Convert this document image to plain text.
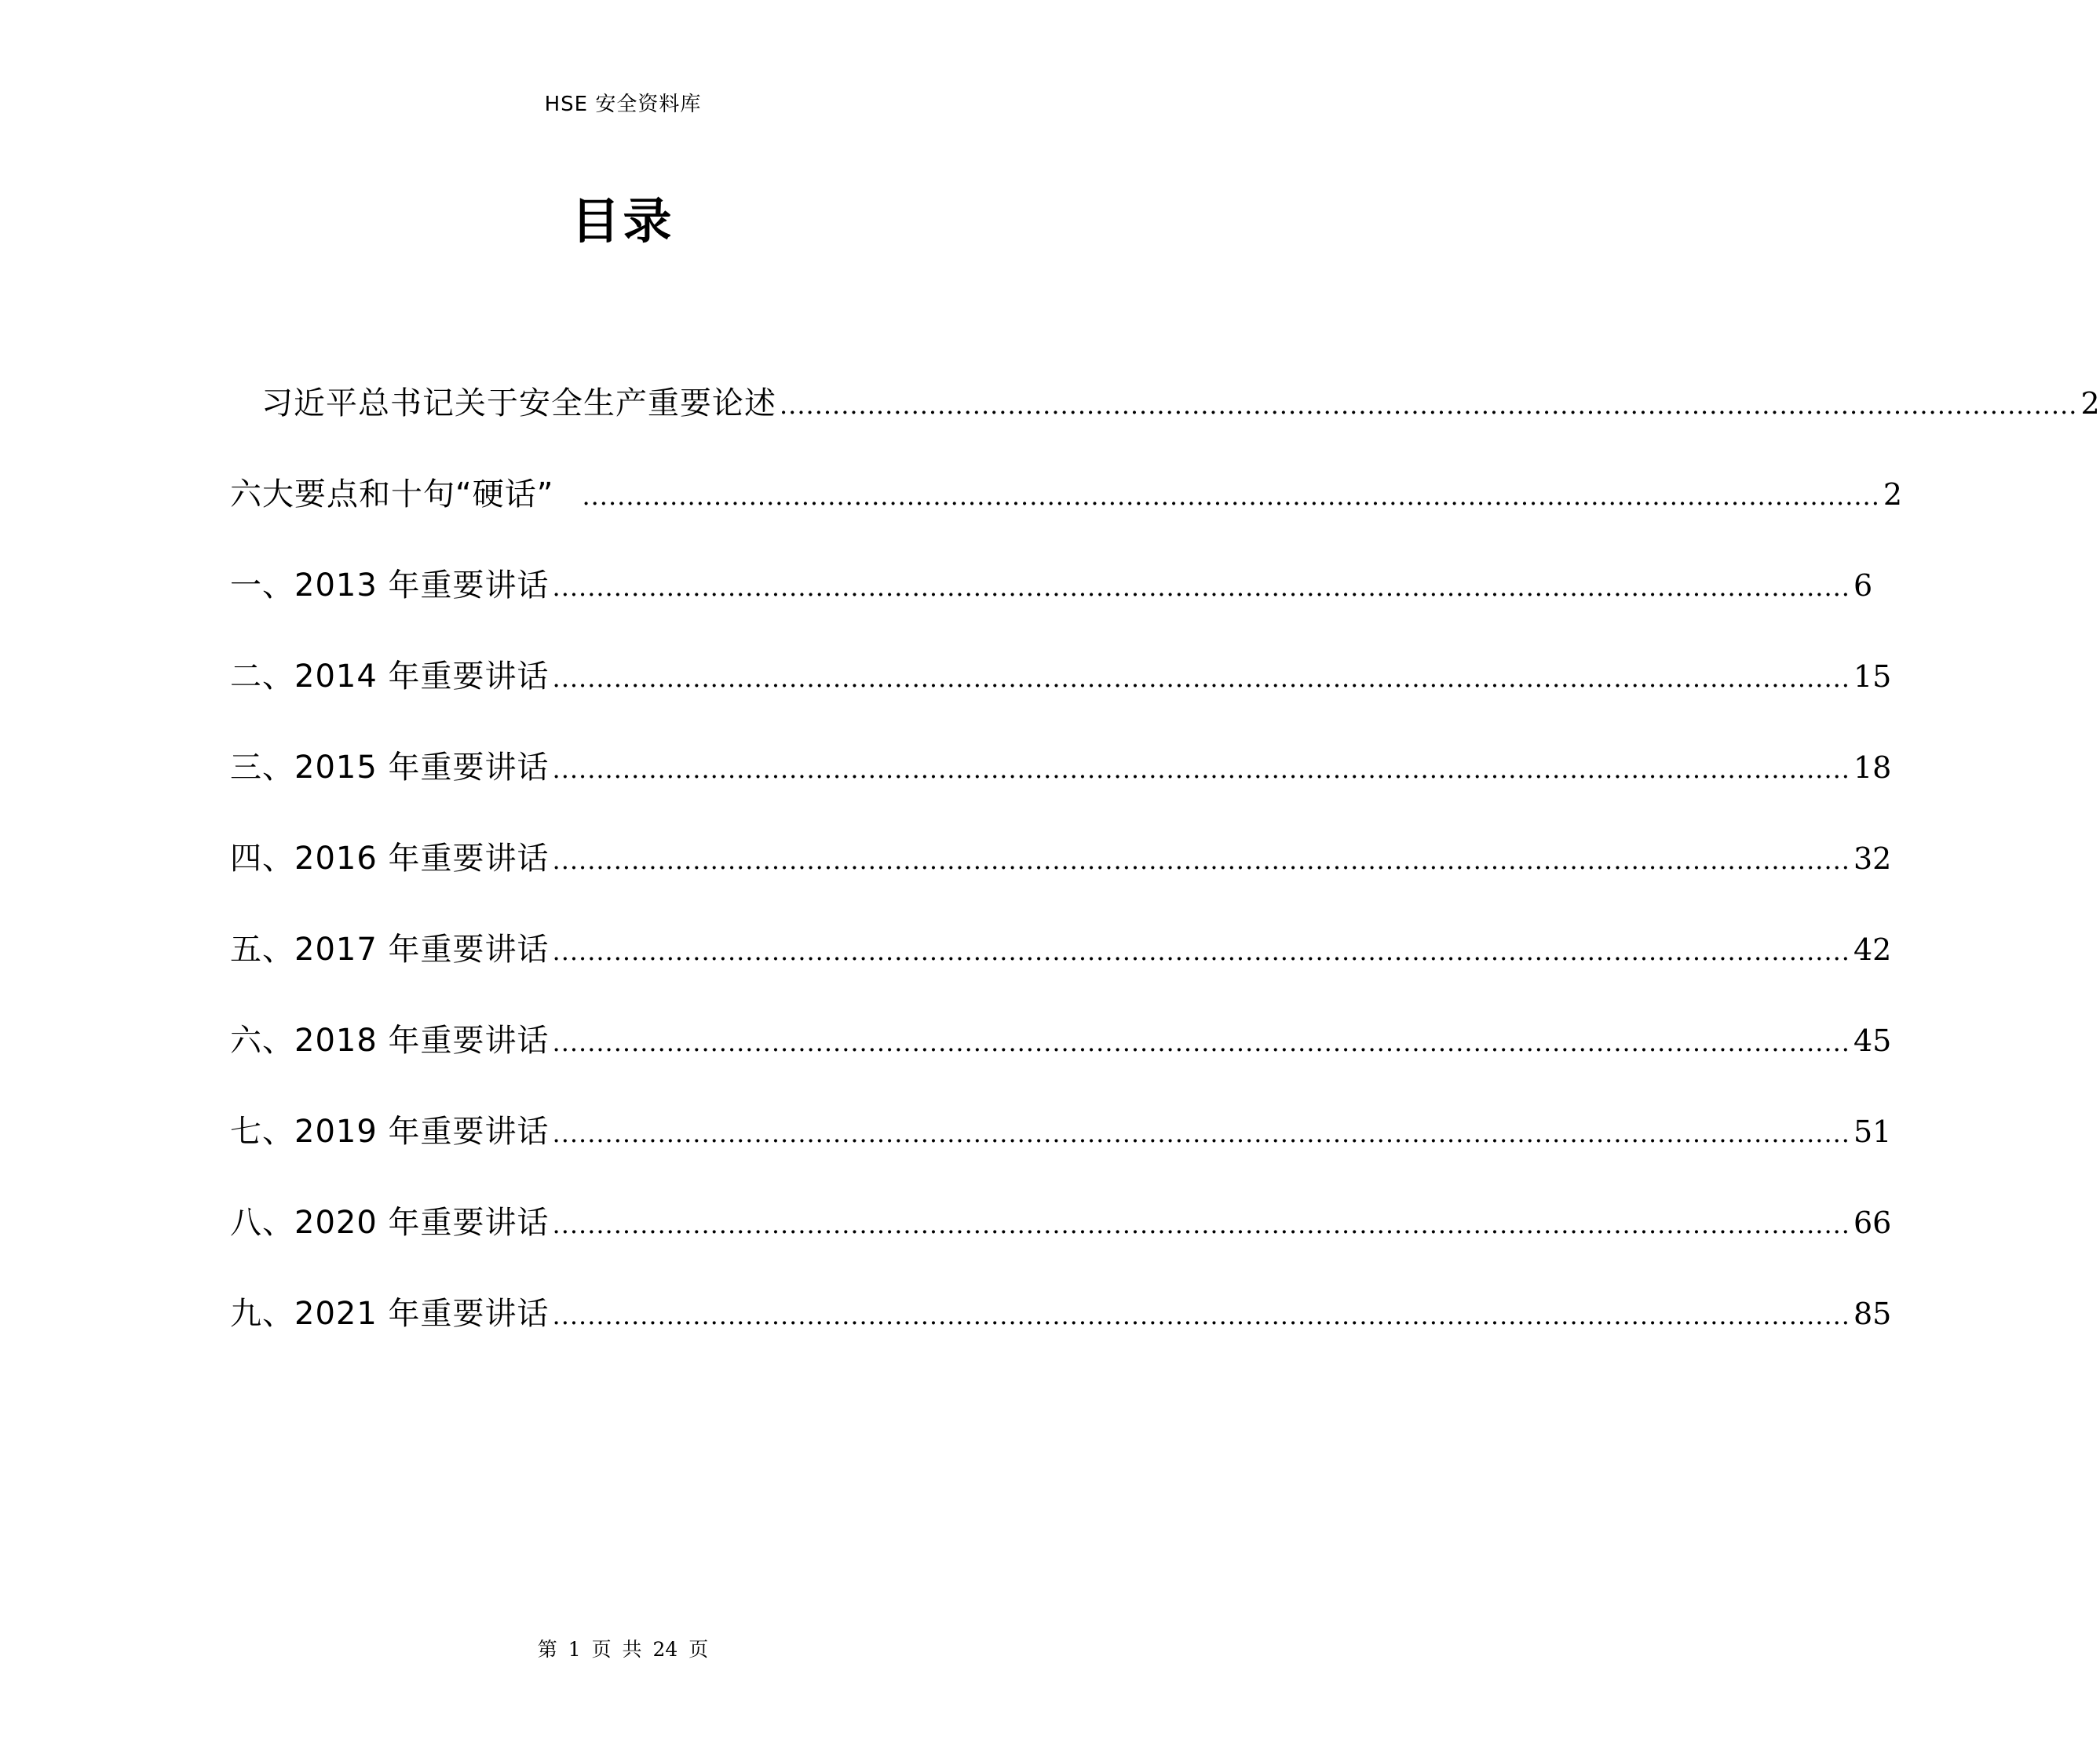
HSE 安全资料库
目录
习近平总书记关于安全生产重要论述 .................................................................................................................................................... 2
六大要点和十句“硬话” .................................................................................................................................................... 2
一、2013 年重要讲话 .................................................................................................................................................... 6
二、2014 年重要讲话 .................................................................................................................................................... 15
三、2015 年重要讲话 .................................................................................................................................................... 18
四、2016 年重要讲话 .................................................................................................................................................... 32
五、2017 年重要讲话 .................................................................................................................................................... 42
六、2018 年重要讲话 .................................................................................................................................................... 45
七、2019 年重要讲话 .................................................................................................................................................... 51
八、2020 年重要讲话 .................................................................................................................................................... 66
九、2021 年重要讲话 .................................................................................................................................................... 85
第 1 页 共 24 页
